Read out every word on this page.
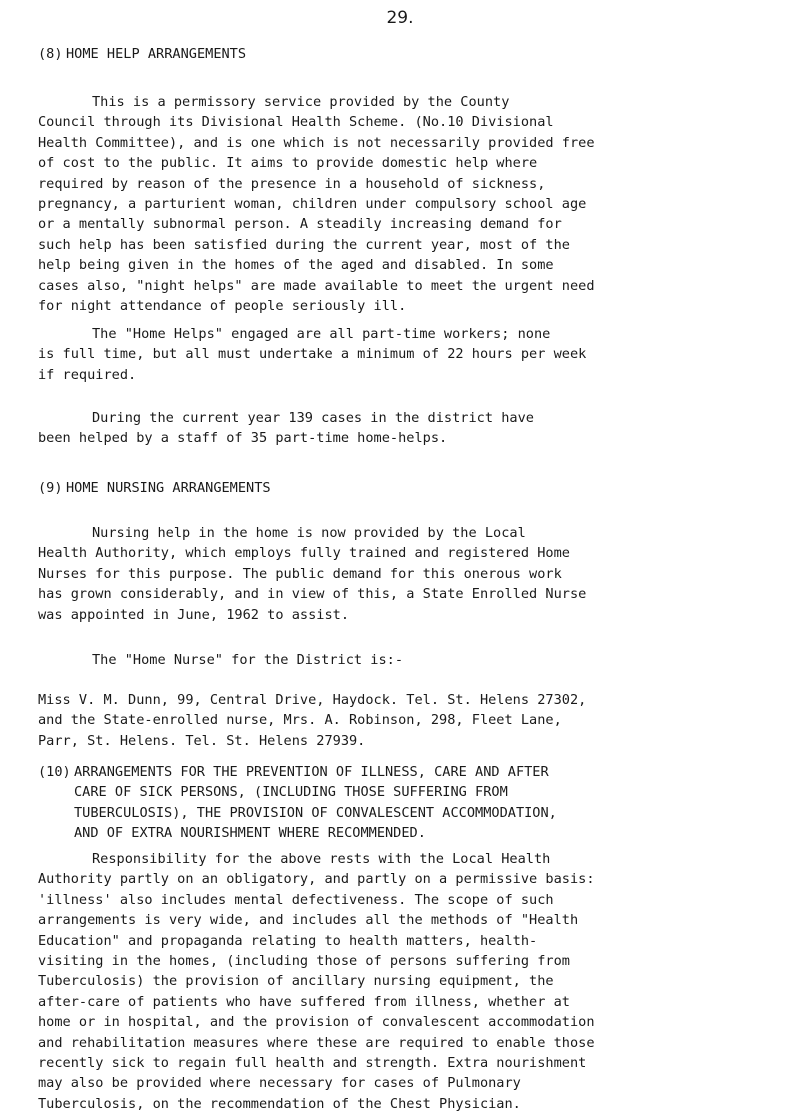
29.
(8) HOME HELP ARRANGEMENTS

This is a permissory service provided by the County
Council through its Divisional Health Scheme. (No.10 Divisional
Health Committee), and is one which is not necessarily provided free
of cost to the public. It aims to provide domestic help where
required by reason of the presence in a household of sickness,
pregnancy, a parturient woman, children under compulsory school age
or a mentally subnormal person. A steadily increasing demand for
such help has been satisfied during the current year, most of the
help being given in the homes of the aged and disabled. In some
cases also, "night helps" are made available to meet the urgent need
for night attendance of people seriously ill.

The "Home Helps" engaged are all part-time workers; none
is full time, but all must undertake a minimum of 22 hours per week
if required.

During the current year 139 cases in the district have
been helped by a staff of 35 part-time home-helps.

(9) HOME NURSING ARRANGEMENTS

Nursing help in the home is now provided by the Local
Health Authority, which employs fully trained and registered Home
Nurses for this purpose. The public demand for this onerous work
has grown considerably, and in view of this, a State Enrolled Nurse
was appointed in June, 1962 to assist.

The "Home Nurse" for the District is:-

Miss V. M. Dunn, 99, Central Drive, Haydock. Tel. St. Helens 27302,
and the State-enrolled nurse, Mrs. A. Robinson, 298, Fleet Lane,
Parr, St. Helens. Tel. St. Helens 27939.

(10) ARRANGEMENTS FOR THE PREVENTION OF ILLNESS, CARE AND AFTER
CARE OF SICK PERSONS, (INCLUDING THOSE SUFFERING FROM
TUBERCULOSIS), THE PROVISION OF CONVALESCENT ACCOMMODATION,
AND OF EXTRA NOURISHMENT WHERE RECOMMENDED.

Responsibility for the above rests with the Local Health
Authority partly on an obligatory, and partly on a permissive basis:
'illness' also includes mental defectiveness. The scope of such
arrangements is very wide, and includes all the methods of "Health
Education" and propaganda relating to health matters, health-
visiting in the homes, (including those of persons suffering from
Tuberculosis) the provision of ancillary nursing equipment, the
after-care of patients who have suffered from illness, whether at
home or in hospital, and the provision of convalescent accommodation
and rehabilitation measures where these are required to enable those
recently sick to regain full health and strength. Extra nourishment
may also be provided where necessary for cases of Pulmonary
Tuberculosis, on the recommendation of the Chest Physician.
